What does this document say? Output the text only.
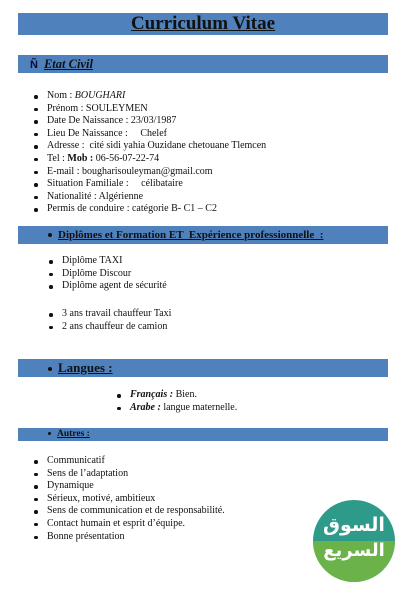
Curriculum Vitae
Ñ Etat Civil
Nom : BOUGHARI
Prénom : SOULEYMEN
Date De Naissance : 23/03/1987
Lieu De Naissance :     Chelef
Adresse :  cité sidi yahia Ouzidane chetouane Tlemcen
Tel : Mob : 06-56-07-22-74
E-mail : bougharisouleyman@gmail.com
Situation Familiale :     célibataire
Nationalité : Algérienne
Permis de conduire : catégorie B- C1 – C2
Diplômes et Formation ET  Expérience professionnelle  :
Diplôme TAXI
Diplôme Discour
Diplôme agent de sécurité
3 ans travail chauffeur Taxi
2 ans chauffeur de camion
Langues :
Français : Bien.
Arabe : langue maternelle.
Autres :
Communicatif
Sens de l’adaptation
Dynamique
Sérieux, motivé, ambitieux
Sens de communication et de responsabilité.
Contact humain et esprit d’équipe.
Bonne présentation
السوق
السريع
